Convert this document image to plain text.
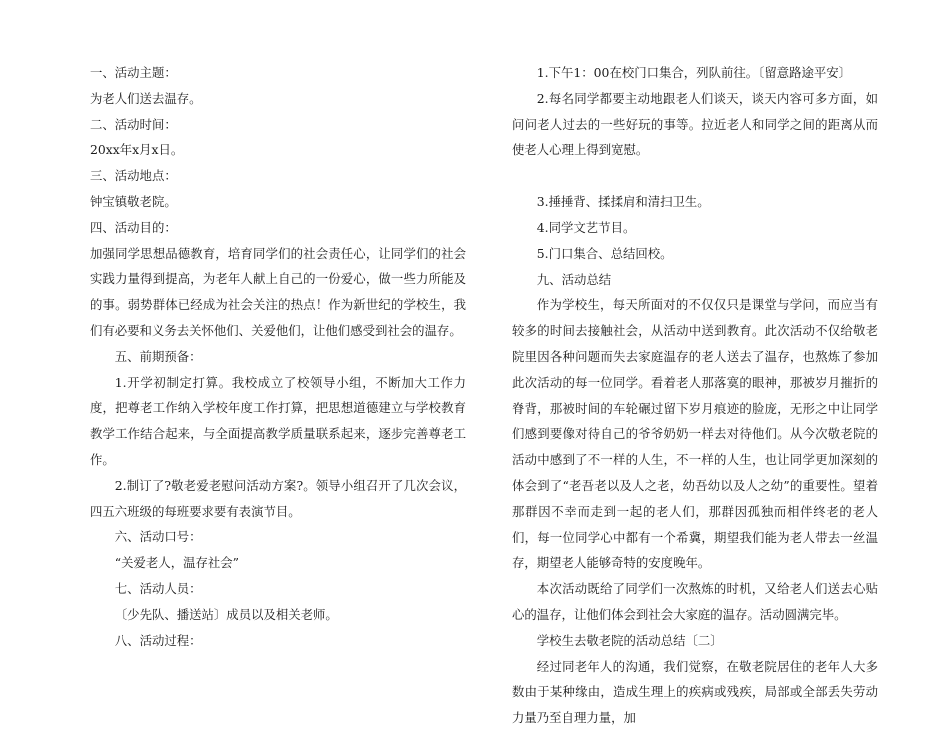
一、活动主题：

为老人们送去温存。

二、活动时间：

20xx年x月x日。

三、活动地点：

钟宝镇敬老院。

四、活动目的：

加强同学思想品德教育，培育同学们的社会责任心，让同学们的社会实践力量得到提高，为老年人献上自己的一份爱心，做一些力所能及的事。弱势群体已经成为社会关注的热点！作为新世纪的学校生，我们有必要和义务去关怀他们、关爱他们，让他们感受到社会的温存。

五、前期预备：

1.开学初制定打算。我校成立了校领导小组，不断加大工作力度，把尊老工作纳入学校年度工作打算，把思想道德建立与学校教育教学工作结合起来，与全面提高教学质量联系起来，逐步完善尊老工作。

2.制订了?敬老爱老慰问活动方案?。领导小组召开了几次会议，四五六班级的每班要求要有表演节目。

六、活动口号：

“关爱老人，温存社会”

七、活动人员：

〔少先队、播送站〕成员以及相关老师。

八、活动过程：

1.下午1：00在校门口集合，列队前往。〔留意路途平安〕

2.每名同学都要主动地跟老人们谈天，谈天内容可多方面，如问问老人过去的一些好玩的事等。拉近老人和同学之间的距离从而使老人心理上得到宽慰。

3.捶捶背、揉揉肩和清扫卫生。

4.同学文艺节目。

5.门口集合、总结回校。

九、活动总结

作为学校生，每天所面对的不仅仅只是课堂与学问，而应当有较多的时间去接触社会，从活动中送到教育。此次活动不仅给敬老院里因各种问题而失去家庭温存的老人送去了温存，也熬炼了参加此次活动的每一位同学。看着老人那落寞的眼神，那被岁月摧折的脊背，那被时间的车轮碾过留下岁月痕迹的脸庞，无形之中让同学们感到要像对待自己的爷爷奶奶一样去对待他们。从今次敬老院的活动中感到了不一样的人生，不一样的人生，也让同学更加深刻的体会到了“老吾老以及人之老，幼吾幼以及人之幼”的重要性。望着那群因不幸而走到一起的老人们，那群因孤独而相伴终老的老人们，每一位同学心中都有一个希冀，期望我们能为老人带去一丝温存，期望老人能够奇特的安度晚年。

本次活动既给了同学们一次熬炼的时机，又给老人们送去心贴心的温存，让他们体会到社会大家庭的温存。活动圆满完毕。

学校生去敬老院的活动总结〔二〕

经过同老年人的沟通，我们觉察，在敬老院居住的老年人大多数由于某种缘由，造成生理上的疾病或残疾，局部或全部丢失劳动力量乃至自理力量，加
